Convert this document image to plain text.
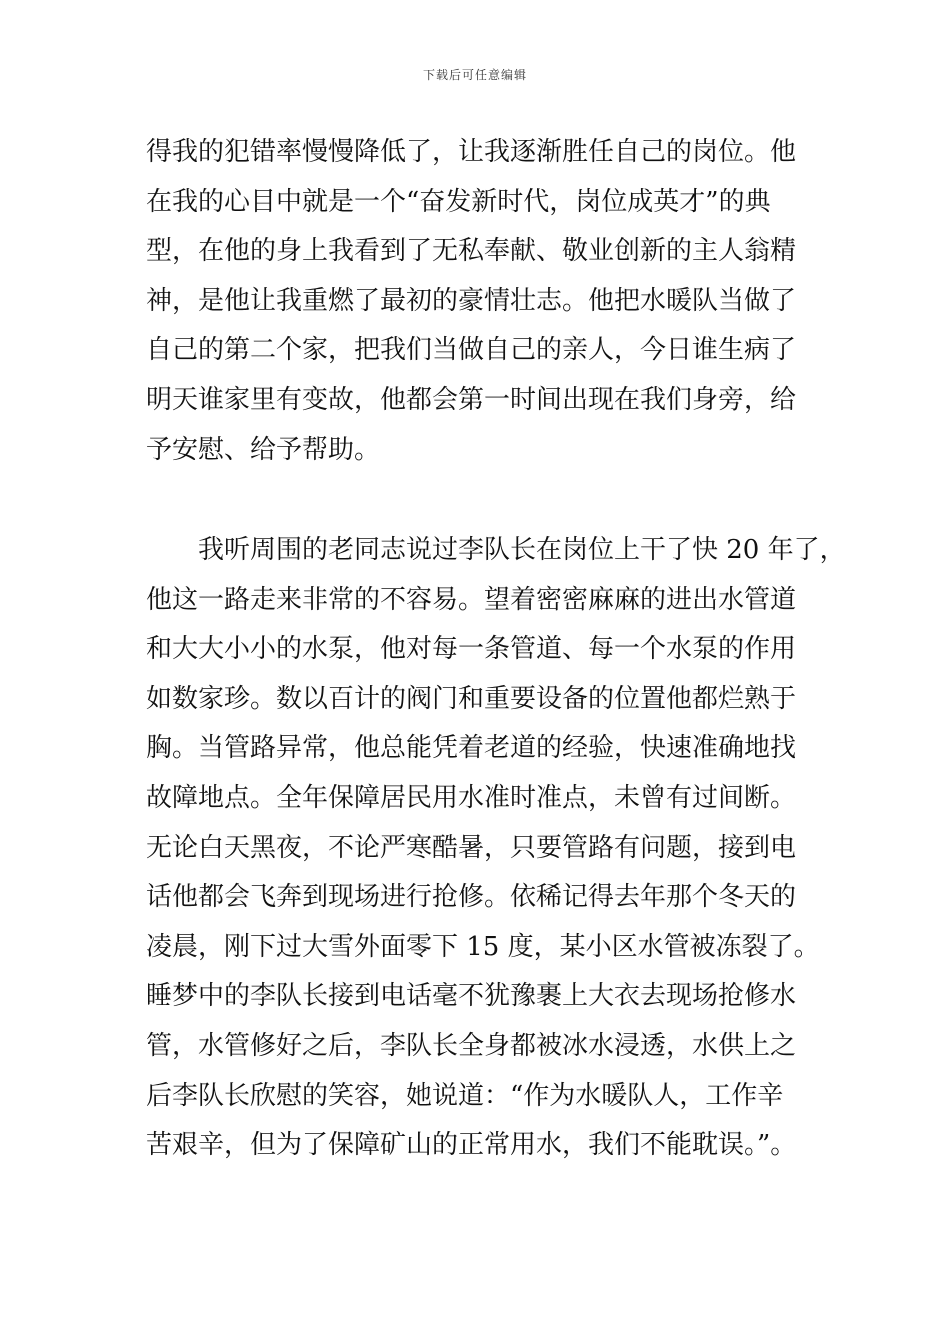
下载后可任意编辑
得我的犯错率慢慢降低了，让我逐渐胜任自己的岗位。他
在我的心目中就是一个“奋发新时代，岗位成英才”的典
型，在他的身上我看到了无私奉献、敬业创新的主人翁精
神，是他让我重燃了最初的豪情壮志。他把水暖队当做了
自己的第二个家，把我们当做自己的亲人，今日谁生病了
明天谁家里有变故，他都会第一时间出现在我们身旁，给
予安慰、给予帮助。
我听周围的老同志说过李队长在岗位上干了快 20 年了，
他这一路走来非常的不容易。望着密密麻麻的进出水管道
和大大小小的水泵，他对每一条管道、每一个水泵的作用
如数家珍。数以百计的阀门和重要设备的位置他都烂熟于
胸。当管路异常，他总能凭着老道的经验，快速准确地找
故障地点。全年保障居民用水准时准点，未曾有过间断。
无论白天黑夜，不论严寒酷暑，只要管路有问题，接到电
话他都会飞奔到现场进行抢修。依稀记得去年那个冬天的
凌晨，刚下过大雪外面零下 15 度，某小区水管被冻裂了。
睡梦中的李队长接到电话毫不犹豫裹上大衣去现场抢修水
管，水管修好之后，李队长全身都被冰水浸透，水供上之
后李队长欣慰的笑容，她说道：“作为水暖队人，工作辛
苦艰辛，但为了保障矿山的正常用水，我们不能耽误。”。
